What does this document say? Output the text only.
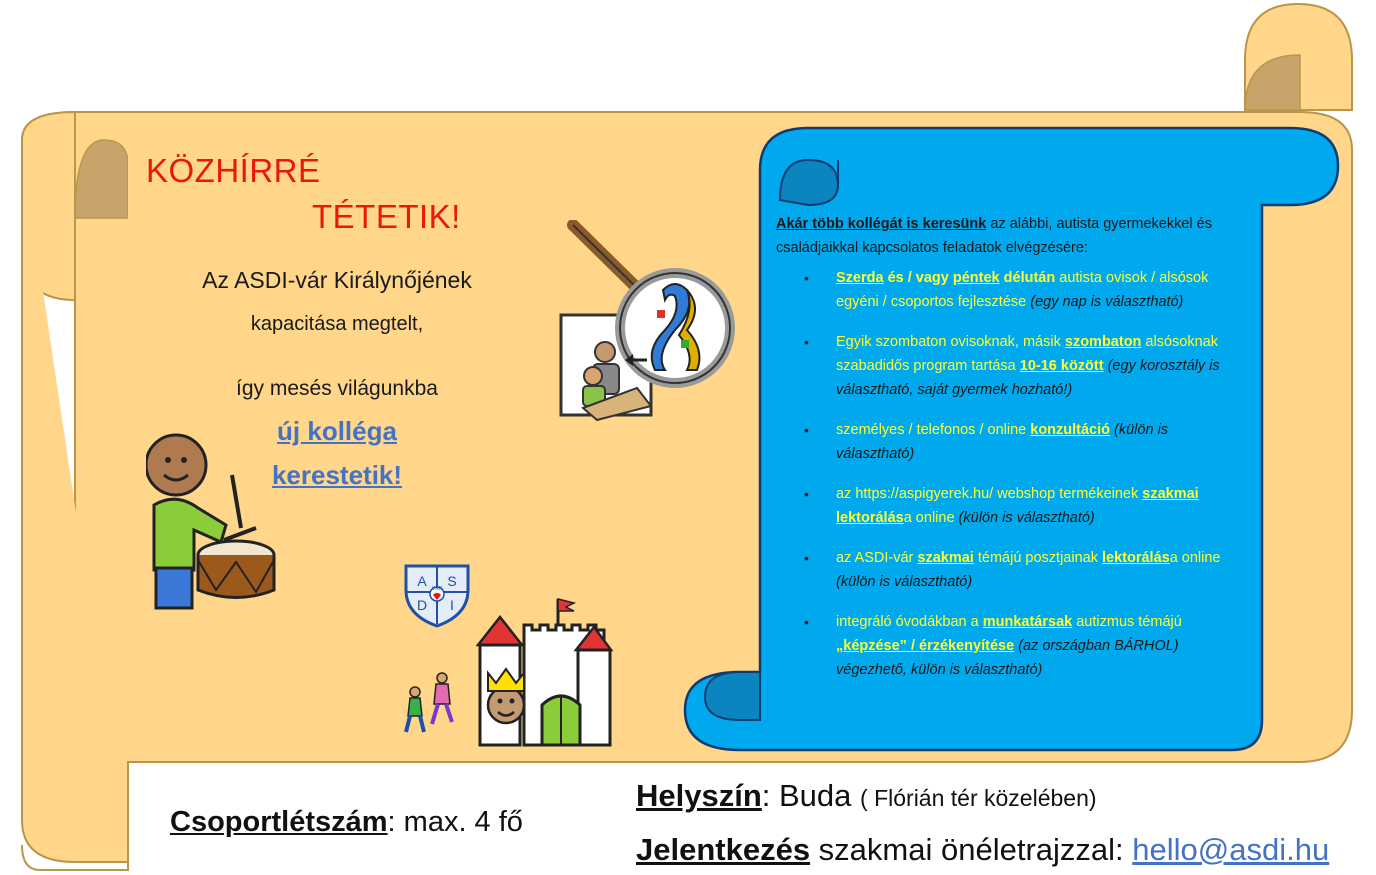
A S
D I
VÁR
KÖZHÍRRÉ
TÉTETIK!
Az ASDI-vár Királynőjének
kapacitása megtelt,
így mesés világunkba
új kolléga
kerestetik!
Akár több kollégát is keresünk az alábbi, autista gyermekekkel és családjaikkal kapcsolatos feladatok elvégzésére:
• Szerda és / vagy péntek délután autista ovisok / alsósok egyéni / csoportos fejlesztése (egy nap is választható)
• Egyik szombaton ovisoknak, másik szombaton alsósoknak szabadidős program tartása 10-16 között (egy korosztály is választható, saját gyermek hozható!)
• személyes / telefonos / online konzultáció (külön is választható)
• az https://aspigyerek.hu/ webshop termékeinek szakmai lektorálása online (külön is választható)
• az ASDI-vár szakmai témájú posztjainak lektorálása online (külön is választható)
• integráló óvodákban a munkatársak autizmus témájú „képzése” / érzékenyítése (az országban BÁRHOL) végezhető, külön is választható)
Csoportlétszám: max. 4 fő
Helyszín: Buda ( Flórián tér közelében)
Jelentkezés szakmai önéletrajzzal: hello@asdi.hu
